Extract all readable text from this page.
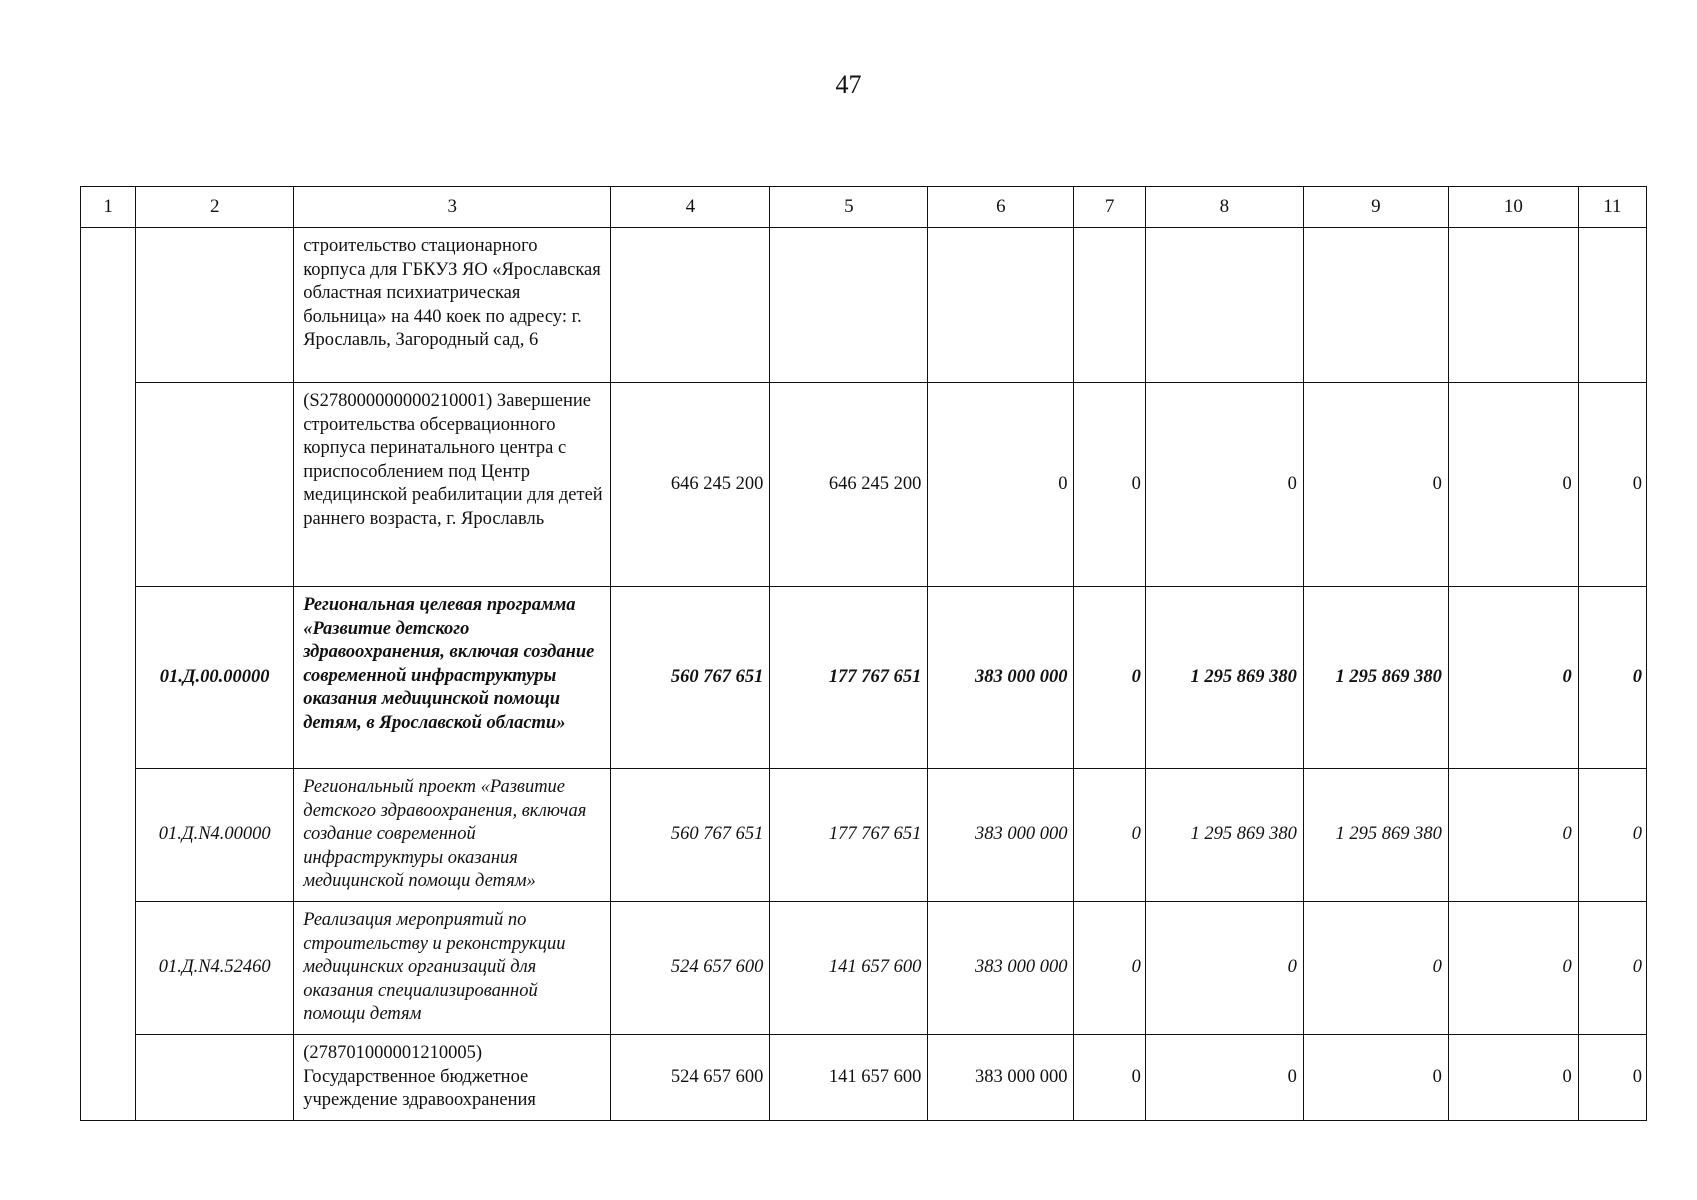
47
1	2	3	4	5	6	7	8	9	10	11
		строительство стационарного корпуса для ГБКУЗ ЯО «Ярославская областная психиатрическая больница» на 440 коек по адресу: г. Ярославль, Загородный сад, 6								
		(S278000000000210001) Завершение строительства обсервационного корпуса перинатального центра с приспособлением под Центр медицинской реабилитации для детей раннего возраста, г. Ярославль	646 245 200	646 245 200	0	0	0	0	0	0
	01.Д.00.00000	Региональная целевая программа «Развитие детского здравоохранения, включая создание современной инфраструктуры оказания медицинской помощи детям, в Ярославской области»	560 767 651	177 767 651	383 000 000	0	1 295 869 380	1 295 869 380	0	0
	01.Д.N4.00000	Региональный проект «Развитие детского здравоохранения, включая создание современной инфраструктуры оказания медицинской помощи детям»	560 767 651	177 767 651	383 000 000	0	1 295 869 380	1 295 869 380	0	0
	01.Д.N4.52460	Реализация мероприятий по строительству и реконструкции медицинских организаций для оказания специализированной помощи детям	524 657 600	141 657 600	383 000 000	0	0	0	0	0
		(278701000001210005) Государственное бюджетное учреждение здравоохранения	524 657 600	141 657 600	383 000 000	0	0	0	0	0
